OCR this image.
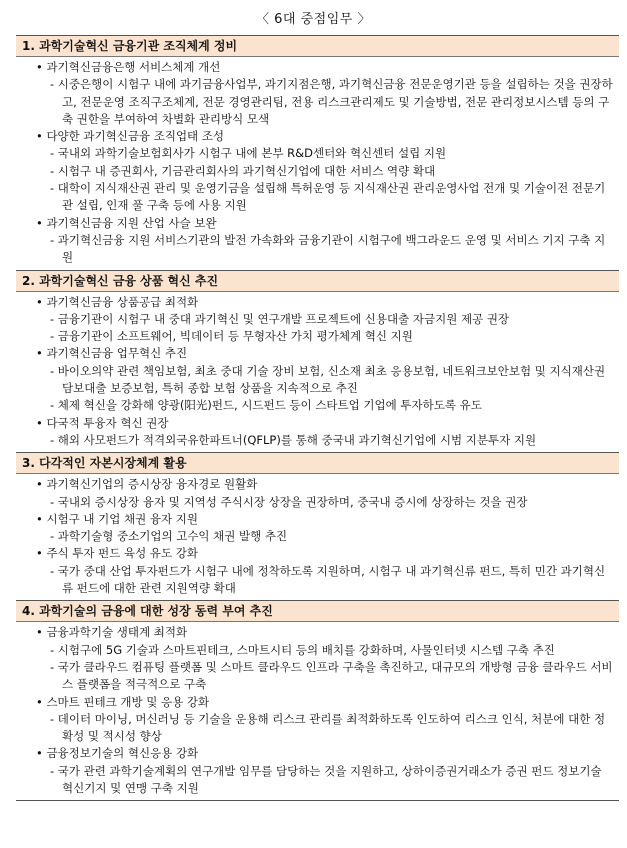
〈 6대 중점임무 〉
1. 과학기술혁신 금융기관 조직체계 정비
• 과기혁신금융은행 서비스체계 개선
- 시중은행이 시험구 내에 과기금융사업부, 과기지점은행, 과기혁신금융 전문운영기관 등을 설립하는 것을 권장하고, 전문운영 조직구조체계, 전문 경영관리팀, 전용 리스크관리제도 및 기술방법, 전문 관리정보시스템 등의 구축 권한을 부여하여 차별화 관리방식 모색
• 다양한 과기혁신금융 조직업태 조성
- 국내외 과학기술보험회사가 시험구 내에 본부 R&D센터와 혁신센터 설립 지원
- 시험구 내 증권회사, 기금관리회사의 과기혁신기업에 대한 서비스 역량 확대
- 대학이 지식재산권 관리 및 운영기금을 설립해 특허운영 등 지식재산권 관리운영사업 전개 및 기술이전 전문기관 설립, 인재 풀 구축 등에 사용 지원
• 과기혁신금융 지원 산업 사슬 보완
- 과기혁신금융 지원 서비스기관의 발전 가속화와 금융기관이 시험구에 백그라운드 운영 및 서비스 기지 구축 지원
2. 과학기술혁신 금융 상품 혁신 추진
• 과기혁신금융 상품공급 최적화
- 금융기관이 시험구 내 중대 과기혁신 및 연구개발 프로젝트에 신용대출 자금지원 제공 권장
- 금융기관이 소프트웨어, 빅데이터 등 무형자산 가치 평가체계 혁신 지원
• 과기혁신금융 업무혁신 추진
- 바이오의약 관련 책임보험, 최초 중대 기술 장비 보험, 신소재 최초 응용보험, 네트워크보안보험 및 지식재산권 담보대출 보증보험, 특허 종합 보험 상품을 지속적으로 추진
- 체제 혁신을 강화해 양광(阳光)펀드, 시드펀드 등이 스타트업 기업에 투자하도록 유도
• 다국적 투융자 혁신 권장
- 해외 사모펀드가 적격외국유한파트너(QFLP)를 통해 중국내 과기혁신기업에 시범 지분투자 지원
3. 다각적인 자본시장체계 활용
• 과기혁신기업의 증시상장 융자경로 원활화
- 국내외 증시상장 융자 및 지역성 주식시장 상장을 권장하며, 중국내 증시에 상장하는 것을 권장
• 시험구 내 기업 채권 융자 지원
- 과학기술형 중소기업의 고수익 채권 발행 추진
• 주식 투자 펀드 육성 유도 강화
- 국가 중대 산업 투자펀드가 시험구 내에 정착하도록 지원하며, 시험구 내 과기혁신류 펀드, 특히 민간 과기혁신류 펀드에 대한 관련 지원역량 확대
4. 과학기술의 금융에 대한 성장 동력 부여 추진
• 금융과학기술 생태계 최적화
- 시험구에 5G 기술과 스마트핀테크, 스마트시티 등의 배치를 강화하며, 사물인터넷 시스템 구축 추진
- 국가 클라우드 컴퓨팅 플랫폼 및 스마트 클라우드 인프라 구축을 촉진하고, 대규모의 개방형 금융 클라우드 서비스 플랫폼을 적극적으로 구축
• 스마트 핀테크 개방 및 응용 강화
- 데이터 마이닝, 머신러닝 등 기술을 운용해 리스크 관리를 최적화하도록 인도하여 리스크 인식, 처분에 대한 정확성 및 적시성 향상
• 금융정보기술의 혁신응용 강화
- 국가 관련 과학기술계획의 연구개발 임무를 담당하는 것을 지원하고, 상하이증권거래소가 증권 펀드 정보기술 혁신기지 및 연맹 구축 지원
